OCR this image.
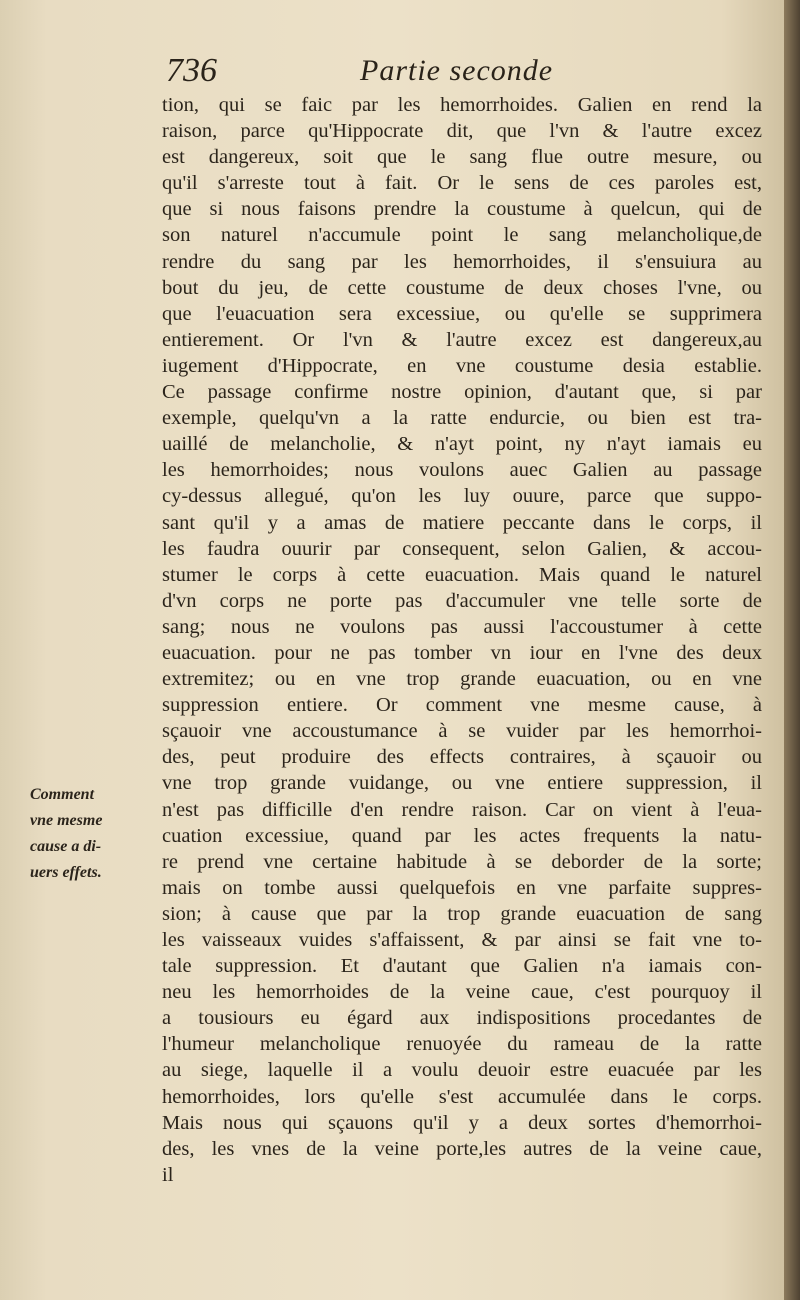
736	Partie seconde
tion, qui se faic par les hemorrhoides. Galien en rend la
raison, parce qu'Hippocrate dit, que l'vn & l'autre excez
est dangereux, soit que le sang flue outre mesure, ou
qu'il s'arreste tout à fait. Or le sens de ces paroles est,
que si nous faisons prendre la coustume à quelcun, qui de
son naturel n'accumule point le sang melancholique,de
rendre du sang par les hemorrhoides, il s'ensuiura au
bout du jeu, de cette coustume de deux choses l'vne, ou
que l'euacuation sera excessiue, ou qu'elle se supprimera
entierement. Or l'vn & l'autre excez est dangereux,au
iugement d'Hippocrate, en vne coustume desia establie.
Ce passage confirme nostre opinion, d'autant que, si par
exemple, quelqu'vn a la ratte endurcie, ou bien est tra-
uaillé de melancholie, & n'ayt point, ny n'ayt iamais eu
les hemorrhoides; nous voulons auec Galien au passage
cy-dessus allegué, qu'on les luy ouure, parce que suppo-
sant qu'il y a amas de matiere peccante dans le corps, il
les faudra ouurir par consequent, selon Galien, & accou-
stumer le corps à cette euacuation. Mais quand le naturel
d'vn corps ne porte pas d'accumuler vne telle sorte de
sang; nous ne voulons pas aussi l'accoustumer à cette
euacuation. pour ne pas tomber vn iour en l'vne des deux
extremitez; ou en vne trop grande euacuation, ou en vne
suppression entiere. Or comment vne mesme cause, à
sçauoir vne accoustumance à se vuider par les hemorrhoi-
des, peut produire des effects contraires, à sçauoir ou
vne trop grande vuidange, ou vne entiere suppression, il
n'est pas difficille d'en rendre raison. Car on vient à l'eua-
cuation excessiue, quand par les actes frequents la natu-
re prend vne certaine habitude à se deborder de la sorte;
mais on tombe aussi quelquefois en vne parfaite suppres-
sion; à cause que par la trop grande euacuation de sang
les vaisseaux vuides s'affaissent, & par ainsi se fait vne to-
tale suppression. Et d'autant que Galien n'a iamais con-
neu les hemorrhoides de la veine caue, c'est pourquoy il
a tousiours eu égard aux indispositions procedantes de
l'humeur melancholique renuoyée du rameau de la ratte
au siege, laquelle il a voulu deuoir estre euacuée par les
hemorrhoides, lors qu'elle s'est accumulée dans le corps.
Mais nous qui sçauons qu'il y a deux sortes d'hemorrhoi-
des, les vnes de la veine porte,les autres de la veine caue,
il
Comment
vne mesme
cause a di-
uers effets.
